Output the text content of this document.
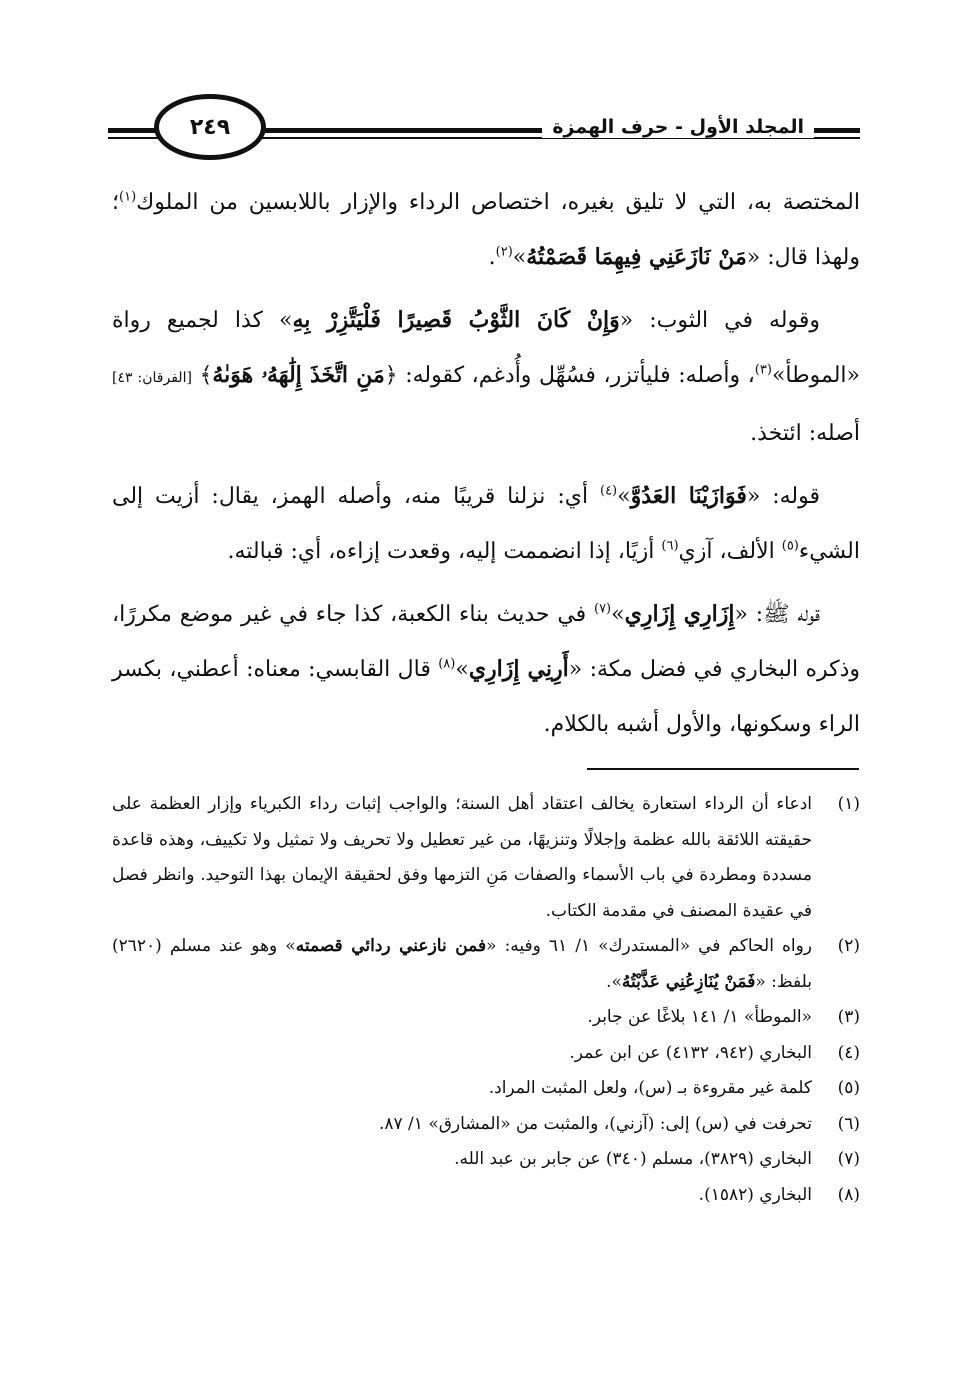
٢٤٩	المجلد الأول - حرف الهمزة

المختصة به، التي لا تليق بغيره، اختصاص الرداء والإزار باللابسين من الملوك$^{(١)}$؛ ولهذا قال: «مَنْ نَازَعَنِي فِيهِمَا قَصَمْتُهُ»$^{(٢)}$.

وقوله في الثوب: «وَإِنْ كَانَ الثَّوْبُ قَصِيرًا فَلْيَتَّزِرْ بِهِ» كذا لجميع رواة «الموطأ»$^{(٣)}$، وأصله: فليأتزر، فسُهِّل وأُدغم، كقوله: ﴿مَنِ اتَّخَذَ إِلَٰهَهُۥ هَوَىٰهُ﴾ [الفرقان: ٤٣] أصله: ائتخذ.

قوله: «فَوَازَيْنَا العَدُوَّ»$^{(٤)}$ أي: نزلنا قريبًا منه، وأصله الهمز، يقال: أزيت إلى الشيء$^{(٥)}$ الألف، آزي$^{(٦)}$ أزيًا، إذا انضممت إليه، وقعدت إزاءه، أي: قبالته.

قوله ﷺ: «إِزَارِي إِزَارِي»$^{(٧)}$ في حديث بناء الكعبة، كذا جاء في غير موضع مكررًا، وذكره البخاري في فضل مكة: «أَرِنِي إِزَارِي»$^{(٨)}$ قال القابسي: معناه: أعطني، بكسر الراء وسكونها، والأول أشبه بالكلام.

(١)
ادعاء أن الرداء استعارة يخالف اعتقاد أهل السنة؛ والواجب إثبات رداء الكبرياء وإزار العظمة على حقيقته اللائقة بالله عظمة وإجلالًا وتنزيهًا، من غير تعطيل ولا تحريف ولا تمثيل ولا تكييف، وهذه قاعدة مسددة ومطردة في باب الأسماء والصفات مَنِ التزمها وفق لحقيقة الإيمان بهذا التوحيد. وانظر فصل في عقيدة المصنف في مقدمة الكتاب.
(٢)
رواه الحاكم في «المستدرك» ١/ ٦١ وفيه: «فمن نازعني ردائي قصمته» وهو عند مسلم (٢٦٢٠) بلفظ: «فَمَنْ يُنَازِعُنِي عَذَّبْتُهُ».
(٣)
«الموطأ» ١/ ١٤١ بلاغًا عن جابر.
(٤)
البخاري (٩٤٢، ٤١٣٢) عن ابن عمر.
(٥)
كلمة غير مقروءة بـ (س)، ولعل المثبت المراد.
(٦)
تحرفت في (س) إلى: (آزني)، والمثبت من «المشارق» ١/ ٨٧.
(٧)
البخاري (٣٨٢٩)، مسلم (٣٤٠) عن جابر بن عبد الله.
(٨)
البخاري (١٥٨٢).
